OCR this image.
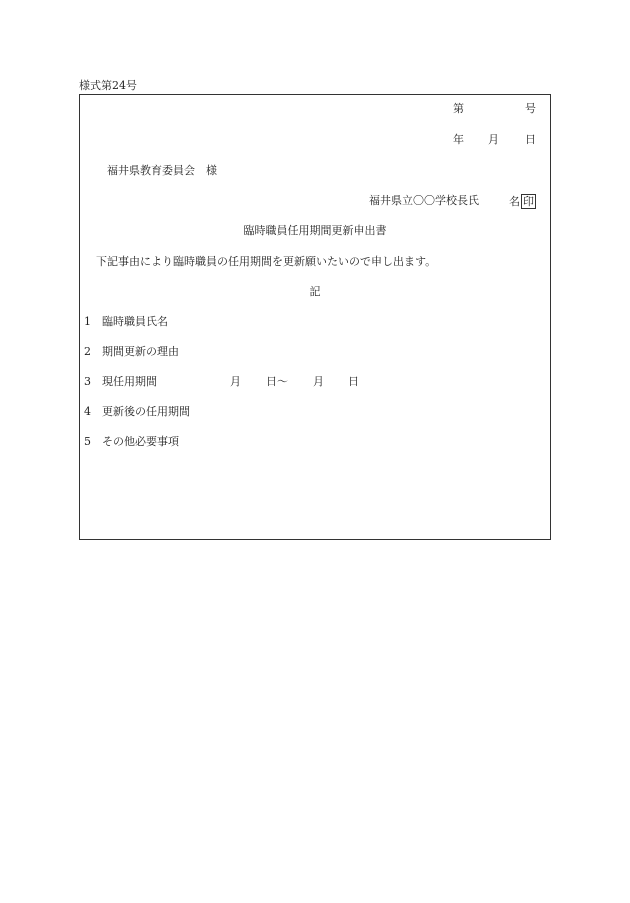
様式第24号
第	号
年 月 日
福井県教育委員会　様
福井県立〇〇学校長氏	名 印
臨時職員任用期間更新申出書
下記事由により臨時職員の任用期間を更新願いたいので申し出ます。
記
1 臨時職員氏名
2 期間更新の理由
3 現任用期間	月 日〜 月 日
4 更新後の任用期間
5 その他必要事項
